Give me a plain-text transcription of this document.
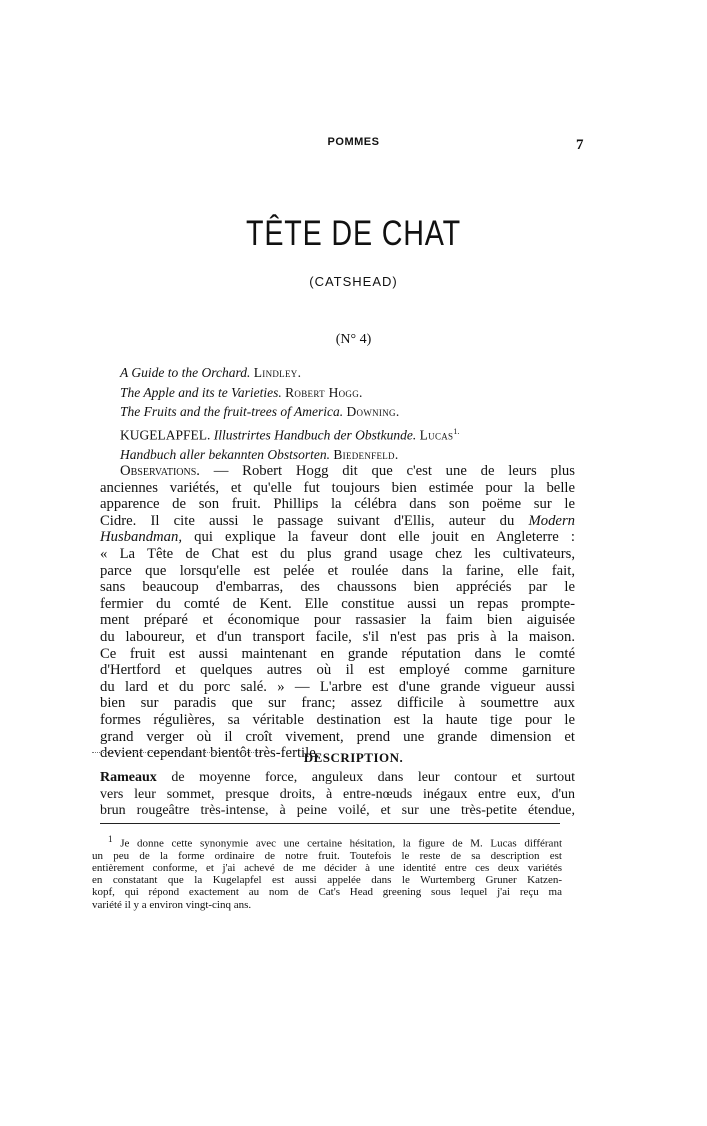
POMMES	7
TÊTE DE CHAT
(CATSHEAD)
(N° 4)
A Guide to the Orchard. Lindley.
The Apple and its te Varieties. Robert Hogg.
The Fruits and the fruit-trees of America. Downing.
KUGELAPFEL. Illustrirtes Handbuch der Obstkunde. Lucas$^{1.}$
Handbuch aller bekannten Obstsorten. Biedenfeld.
Observations. — Robert Hogg dit que c'est une de leurs plus
anciennes variétés, et qu'elle fut toujours bien estimée pour la belle
apparence de son fruit. Phillips la célébra dans son poëme sur le
Cidre. Il cite aussi le passage suivant d'Ellis, auteur du Modern
Husbandman, qui explique la faveur dont elle jouit en Angleterre :
« La Tête de Chat est du plus grand usage chez les cultivateurs,
parce que lorsqu'elle est pelée et roulée dans la farine, elle fait,
sans beaucoup d'embarras, des chaussons bien appréciés par le
fermier du comté de Kent. Elle constitue aussi un repas prompte-
ment préparé et économique pour rassasier la faim bien aiguisée
du laboureur, et d'un transport facile, s'il n'est pas pris à la maison.
Ce fruit est aussi maintenant en grande réputation dans le comté
d'Hertford et quelques autres où il est employé comme garniture
du lard et du porc salé. » — L'arbre est d'une grande vigueur aussi
bien sur paradis que sur franc; assez difficile à soumettre aux
formes régulières, sa véritable destination est la haute tige pour le
grand verger où il croît vivement, prend une grande dimension et
devient cependant bientôt très-fertile.
DESCRIPTION.
Rameaux de moyenne force, anguleux dans leur contour et surtout
vers leur sommet, presque droits, à entre-nœuds inégaux entre eux, d'un
brun rougeâtre très-intense, à peine voilé, et sur une très-petite étendue,
$^1$ Je donne cette synonymie avec une certaine hésitation, la figure de M. Lucas différant
un peu de la forme ordinaire de notre fruit. Toutefois le reste de sa description est
entièrement conforme, et j'ai achevé de me décider à une identité entre ces deux variétés
en constatant que la Kugelapfel est aussi appelée dans le Wurtemberg Gruner Katzen-
kopf, qui répond exactement au nom de Cat's Head greening sous lequel j'ai reçu ma
variété il y a environ vingt-cinq ans.
